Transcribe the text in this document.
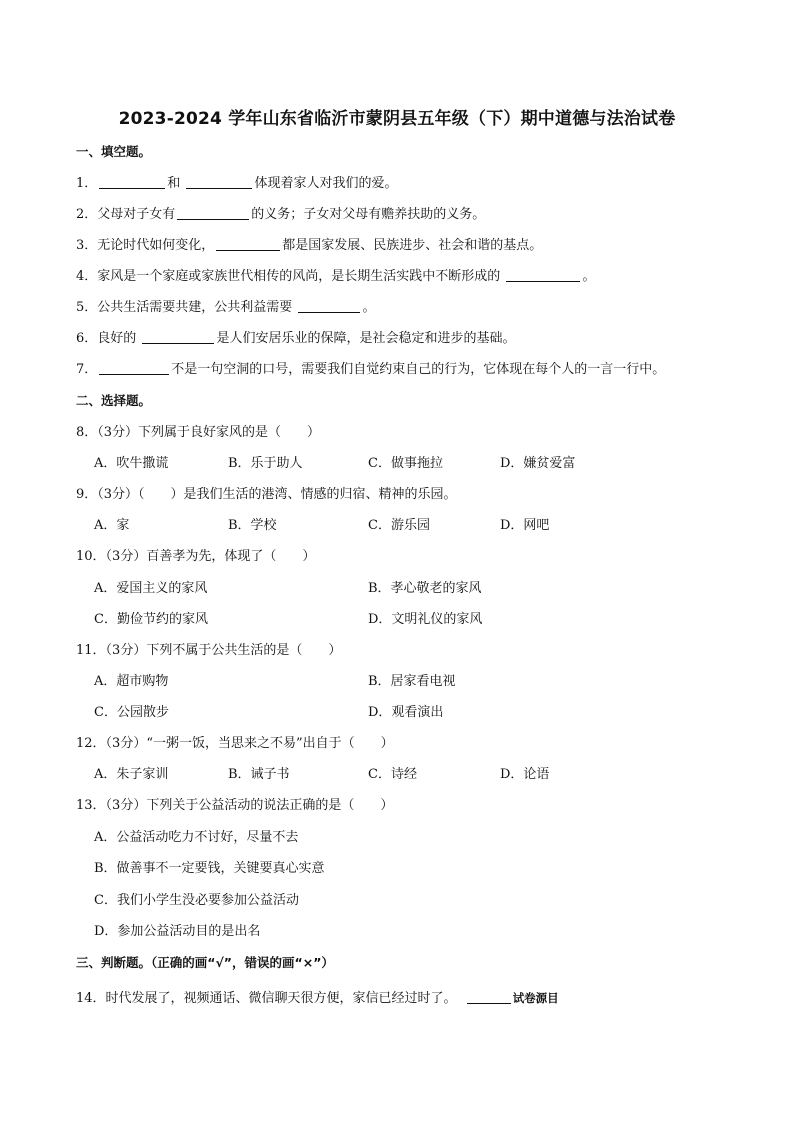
2023-2024 学年山东省临沂市蒙阴县五年级（下）期中道德与法治试卷
一、填空题。
1．	和	体现着家人对我们的爱。
2．父母对子女有	的义务；子女对父母有赡养扶助的义务。
3．无论时代如何变化，	都是国家发展、民族进步、社会和谐的基点。
4．家风是一个家庭或家族世代相传的风尚，是长期生活实践中不断形成的	。
5．公共生活需要共建，公共利益需要	。
6．良好的	是人们安居乐业的保障，是社会稳定和进步的基础。
7．	不是一句空洞的口号，需要我们自觉约束自己的行为，它体现在每个人的一言一行中。
二、选择题。
8．（3分）下列属于良好家风的是（　　）
A．吹牛撒谎	B．乐于助人	C．做事拖拉	D．嫌贫爱富
9．（3分）（　　）是我们生活的港湾、情感的归宿、精神的乐园。
A．家	B．学校	C．游乐园	D．网吧
10．（3分）百善孝为先，体现了（　　）
A．爱国主义的家风	B．孝心敬老的家风
C．勤俭节约的家风	D．文明礼仪的家风
11．（3分）下列不属于公共生活的是（　　）
A．超市购物	B．居家看电视
C．公园散步	D．观看演出
12．（3分）“一粥一饭，当思来之不易”出自于（　　）
A．朱子家训	B．诫子书	C．诗经	D．论语
13．（3分）下列关于公益活动的说法正确的是（　　）
A．公益活动吃力不讨好，尽量不去
B．做善事不一定要钱，关键要真心实意
C．我们小学生没必要参加公益活动
D．参加公益活动目的是出名
三、判断题。（正确的画“√”，错误的画“×”）
14．时代发展了，视频通话、微信聊天很方便，家信已经过时了。	试卷源目
